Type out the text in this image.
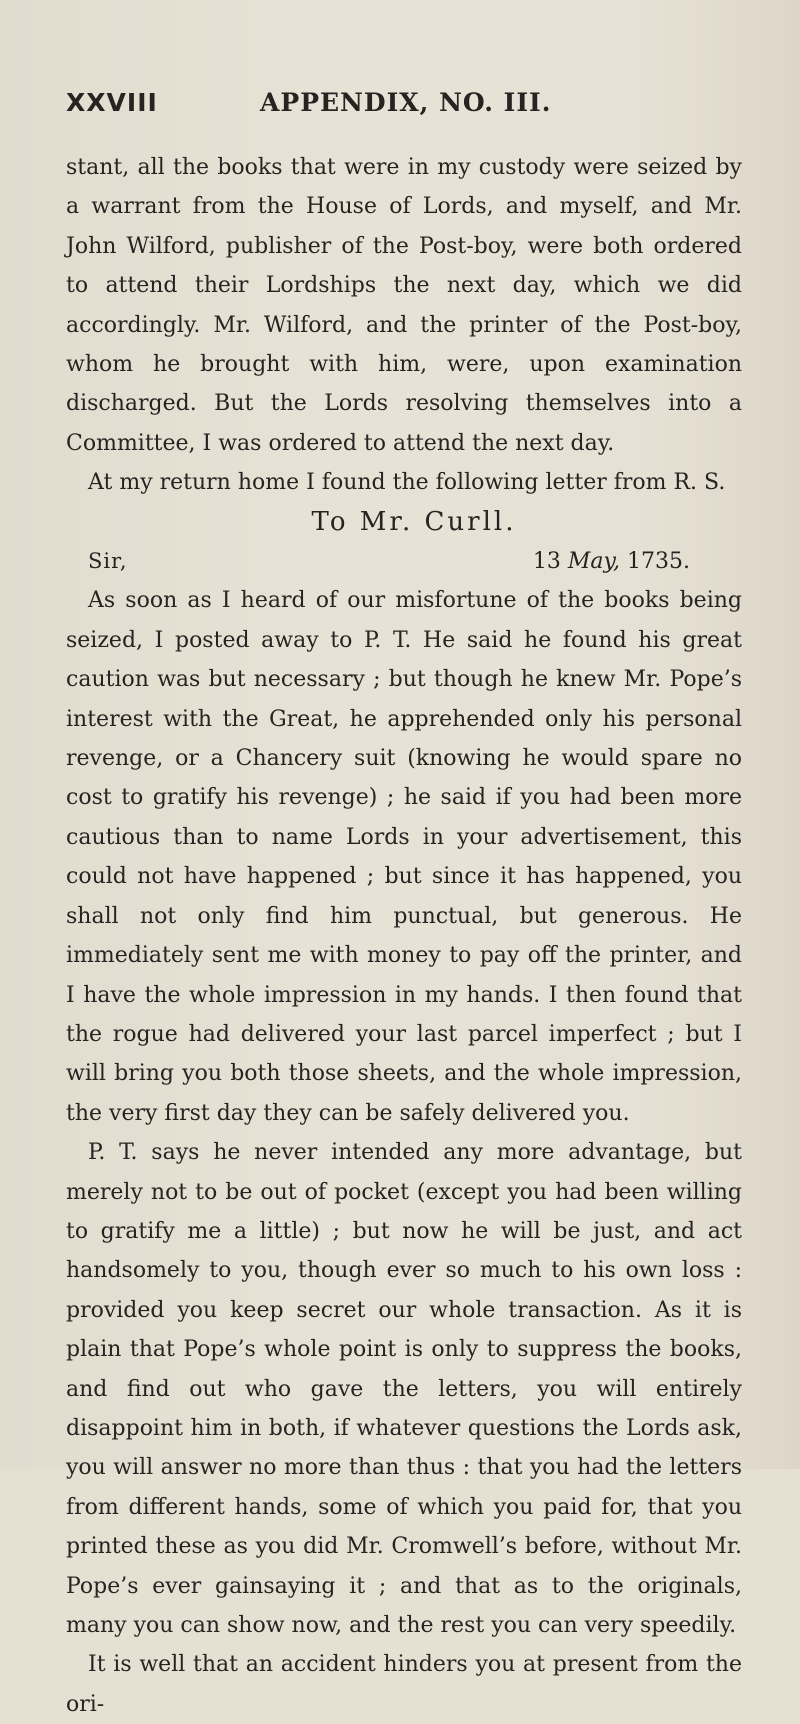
XXVIII	APPENDIX, NO. III.

stant, all the books that were in my custody were seized by a warrant from the House of Lords, and myself, and Mr. John Wilford, publisher of the Post-boy, were both ordered to attend their Lordships the next day, which we did accordingly. Mr. Wilford, and the printer of the Post-boy, whom he brought with him, were, upon examination discharged. But the Lords resolving themselves into a Committee, I was ordered to attend the next day.

At my return home I found the following letter from R. S.

To Mr. Curll.

Sir,	13 May, 1735.

As soon as I heard of our misfortune of the books being seized, I posted away to P. T. He said he found his great caution was but necessary ; but though he knew Mr. Pope’s interest with the Great, he apprehended only his personal revenge, or a Chancery suit (knowing he would spare no cost to gratify his revenge) ; he said if you had been more cautious than to name Lords in your advertisement, this could not have happened ; but since it has happened, you shall not only find him punctual, but generous. He immediately sent me with money to pay off the printer, and I have the whole impression in my hands. I then found that the rogue had delivered your last parcel imperfect ; but I will bring you both those sheets, and the whole impression, the very first day they can be safely delivered you.

P. T. says he never intended any more advantage, but merely not to be out of pocket (except you had been willing to gratify me a little) ; but now he will be just, and act handsomely to you, though ever so much to his own loss : provided you keep secret our whole transaction. As it is plain that Pope’s whole point is only to suppress the books, and find out who gave the letters, you will entirely disappoint him in both, if whatever questions the Lords ask, you will answer no more than thus : that you had the letters from different hands, some of which you paid for, that you printed these as you did Mr. Cromwell’s before, without Mr. Pope’s ever gainsaying it ; and that as to the originals, many you can show now, and the rest you can very speedily.

It is well that an accident hinders you at present from the ori-
